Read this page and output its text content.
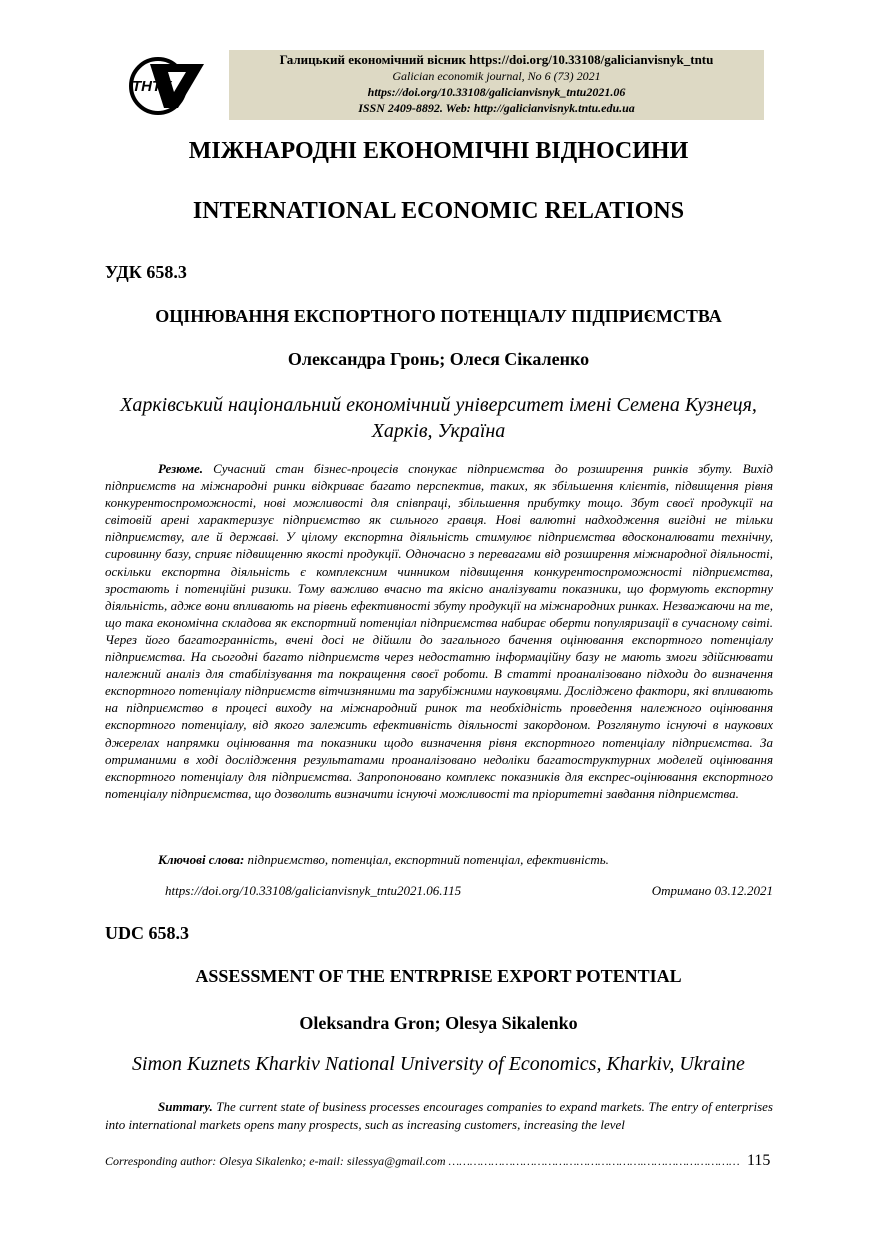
ТНТУ
Галицький економічний вісник https://doi.org/10.33108/galicianvisnyk_tntu
Galician economik journal, No 6 (73) 2021
https://doi.org/10.33108/galicianvisnyk_tntu2021.06
ISSN 2409-8892. Web: http://galicianvisnyk.tntu.edu.ua
МІЖНАРОДНІ ЕКОНОМІЧНІ ВІДНОСИНИ
INTERNATIONAL ECONOMIC RELATIONS
УДК 658.3
ОЦІНЮВАННЯ ЕКСПОРТНОГО ПОТЕНЦІАЛУ ПІДПРИЄМСТВА
Олександра Гронь; Олеся Сікаленко
Харківський національний економічний університет імені Семена Кузнеця, Харків, Україна
Резюме. Сучасний стан бізнес-процесів спонукає підприємства до розширення ринків збуту. Вихід підприємств на міжнародні ринки відкриває багато перспектив, таких, як збільшення клієнтів, підвищення рівня конкурентоспроможності, нові можливості для співпраці, збільшення прибутку тощо. Збут своєї продукції на світовій арені характеризує підприємство як сильного гравця. Нові валютні надходження вигідні не тільки підприємству, але й державі. У цілому експортна діяльність стимулює підприємства вдосконалювати технічну, сировинну базу, сприяє підвищенню якості продукції. Одночасно з перевагами від розширення міжнародної діяльності, оскільки експортна діяльність є комплексним чинником підвищення конкурентоспроможності підприємства, зростають і потенційні ризики. Тому важливо вчасно та якісно аналізувати показники, що формують експортну діяльність, адже вони впливають на рівень ефективності збуту продукції на міжнародних ринках. Незважаючи на те, що така економічна складова як експортний потенціал підприємства набирає оберти популяризації в сучасному світі. Через його багатогранність, вчені досі не дійшли до загального бачення оцінювання експортного потенціалу підприємства. На сьогодні багато підприємств через недостатню інформаційну базу не мають змоги здійснювати належний аналіз для стабілізування та покращення своєї роботи. В статті проаналізовано підходи до визначення експортного потенціалу підприємств вітчизняними та зарубіжними науковцями. Досліджено фактори, які впливають на підприємство в процесі виходу на міжнародний ринок та необхідність проведення належного оцінювання експортного потенціалу, від якого залежить ефективність діяльності закордоном. Розглянуто існуючі в наукових джерелах напрямки оцінювання та показники щодо визначення рівня експортного потенціалу підприємства. За отриманими в ході дослідження результатами проаналізовано недоліки багатоструктурних моделей оцінювання експортного потенціалу для підприємства. Запропоновано комплекс показників для експрес-оцінювання експортного потенціалу підприємства, що дозволить визначити існуючі можливості та пріоритетні завдання підприємства.
Ключові слова: підприємство, потенціал, експортний потенціал, ефективність.
https://doi.org/10.33108/galicianvisnyk_tntu2021.06.115	Отримано 03.12.2021
UDC 658.3
ASSESSMENT OF THE ENTRPRISE EXPORT POTENTIAL
Oleksandra Gron; Olesya Sikalenko
Simon Kuznets Kharkiv National University of Economics, Kharkiv, Ukraine
Summary. The current state of business processes encourages companies to expand markets. The entry of enterprises into international markets opens many prospects, such as increasing customers, increasing the level
Corresponding author: Olesya Sikalenko; e-mail: silessya@gmail.com ……………………………………………….……………………… 115
